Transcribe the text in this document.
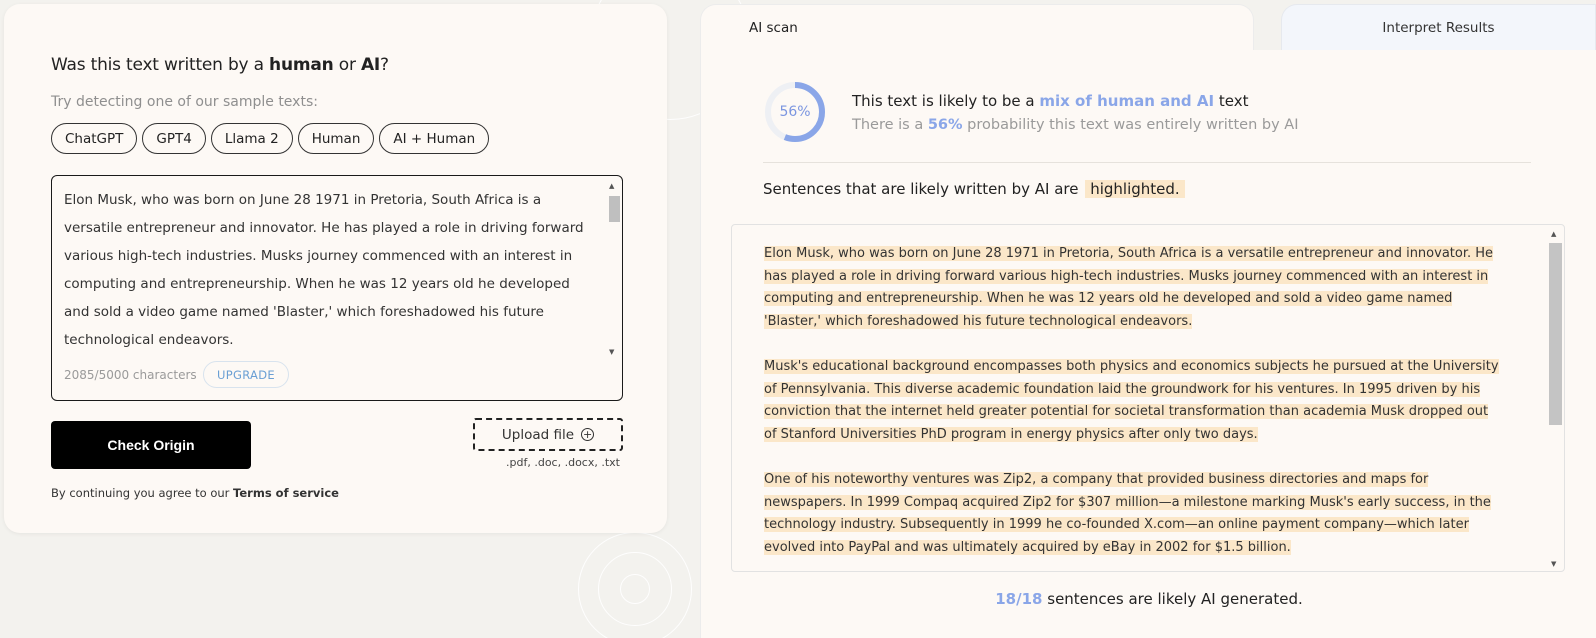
Was this text written by a human or AI?
Try detecting one of our sample texts:
ChatGPT	GPT4	Llama 2	Human	AI + Human
Elon Musk, who was born on June 28 1971 in Pretoria, South Africa is a versatile entrepreneur and innovator. He has played a role in driving forward various high-tech industries. Musks journey commenced with an interest in computing and entrepreneurship. When he was 12 years old he developed and sold a video game named 'Blaster,' which foreshadowed his future technological endeavors.
▲
▼
2085/5000 characters	UPGRADE
Check Origin
Upload file +
.pdf, .doc, .docx, .txt
By continuing you agree to our Terms of service
AI scan	Interpret Results
56%
This text is likely to be a mix of human and AI text
There is a 56% probability this text was entirely written by AI
Sentences that are likely written by AI are highlighted.

Elon Musk, who was born on June 28 1971 in Pretoria, South Africa is a versatile entrepreneur and innovator. He has played a role in driving forward various high-tech industries. Musks journey commenced with an interest in computing and entrepreneurship. When he was 12 years old he developed and sold a video game named 'Blaster,' which foreshadowed his future technological endeavors.

Musk's educational background encompasses both physics and economics subjects he pursued at the University of Pennsylvania. This diverse academic foundation laid the groundwork for his ventures. In 1995 driven by his conviction that the internet held greater potential for societal transformation than academia Musk dropped out of Stanford Universities PhD program in energy physics after only two days.

One of his noteworthy ventures was Zip2, a company that provided business directories and maps for newspapers. In 1999 Compaq acquired Zip2 for $307 million—a milestone marking Musk's early success, in the technology industry. Subsequently in 1999 he co-founded X.com—an online payment company—which later evolved into PayPal and was ultimately acquired by eBay in 2002 for $1.5 billion.

▲
▼
18/18 sentences are likely AI generated.
